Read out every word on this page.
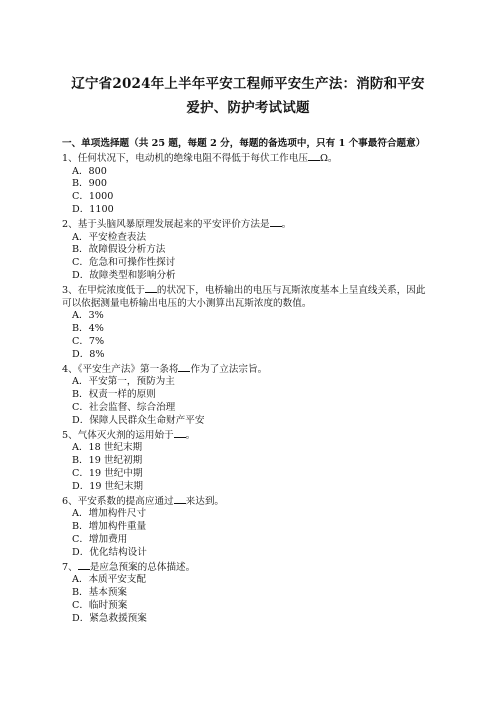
辽宁省2024年上半年平安工程师平安生产法：消防和平安
爱护、防护考试试题

一、单项选择题（共 25 题，每题 2 分，每题的备选项中，只有 1 个事最符合题意）

1、任何状况下，电动机的绝缘电阻不得低于每伏工作电压 Ω。

A．800

B．900

C．1000

D．1100

2、基于头脑风暴原理发展起来的平安评价方法是 。

A．平安检查表法

B．故障假设分析方法

C．危急和可操作性探讨

D．故障类型和影响分析

3、在甲烷浓度低于 的状况下，电桥输出的电压与瓦斯浓度基本上呈直线关系，因此可以依据测量电桥输出电压的大小测算出瓦斯浓度的数值。

A．3%

B．4%

C．7%

D．8%

4、《平安生产法》第一条将 作为了立法宗旨。

A．平安第一，预防为主

B．权责一样的原则

C．社会监督、综合治理

D．保障人民群众生命财产平安

5、气体灭火剂的运用始于 。

A．18 世纪末期

B．19 世纪初期

C．19 世纪中期

D．19 世纪末期

6、平安系数的提高应通过 来达到。

A．增加构件尺寸

B．增加构件重量

C．增加费用

D．优化结构设计

7、 是应急预案的总体描述。

A．本质平安支配

B．基本预案

C．临时预案

D．紧急救援预案
